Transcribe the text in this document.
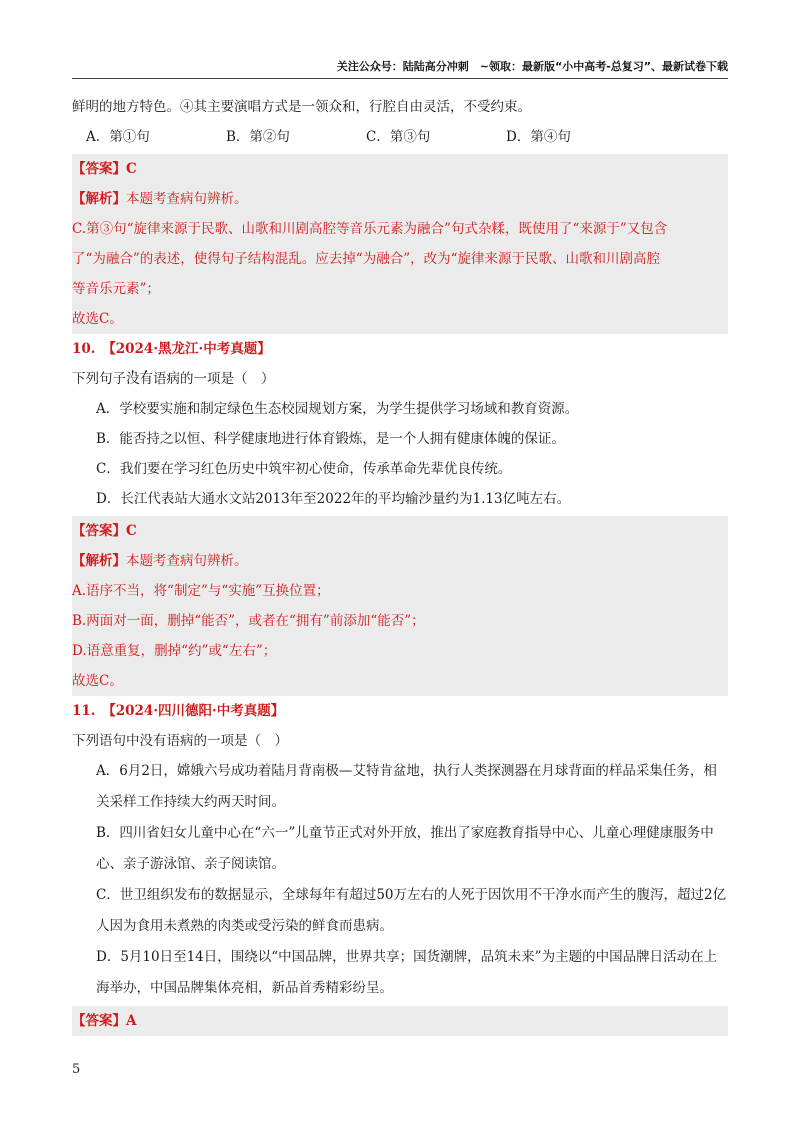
关注公众号：陆陆高分冲刺　~领取：最新版“小中高考-总复习”、最新试卷下载
鲜明的地方特色。④其主要演唱方式是一领众和，行腔自由灵活，不受约束。
A．第①句	B．第②句	C．第③句	D．第④句
【答案】C
【解析】本题考查病句辨析。
C.第③句“旋律来源于民歌、山歌和川剧高腔等音乐元素为融合”句式杂糅，既使用了“来源于”又包含
了“为融合”的表述，使得句子结构混乱。应去掉“为融合”，改为“旋律来源于民歌、山歌和川剧高腔
等音乐元素”；
故选C。
10.　 【2024·黑龙江·中考真题】
下列句子没有语病的一项是（　）
A．学校要实施和制定绿色生态校园规划方案，为学生提供学习场域和教育资源。
B．能否持之以恒、科学健康地进行体育锻炼，是一个人拥有健康体魄的保证。
C．我们要在学习红色历史中筑牢初心使命，传承革命先辈优良传统。
D．长江代表站大通水文站2013年至2022年的平均输沙量约为1.13亿吨左右。
【答案】C
【解析】本题考查病句辨析。
A.语序不当，将“制定”与“实施”互换位置；
B.两面对一面，删掉“能否”，或者在“拥有”前添加“能否”；
D.语意重复，删掉“约”或“左右”；
故选C。
11.　 【2024·四川德阳·中考真题】
下列语句中没有语病的一项是（　）
A．6月2日，嫦娥六号成功着陆月背南极—艾特肯盆地，执行人类探测器在月球背面的样品采集任务，相关采样工作持续大约两天时间。
B．四川省妇女儿童中心在“六一”儿童节正式对外开放，推出了家庭教育指导中心、儿童心理健康服务中心、亲子游泳馆、亲子阅读馆。
C．世卫组织发布的数据显示，全球每年有超过50万左右的人死于因饮用不干净水而产生的腹泻，超过2亿人因为食用未煮熟的肉类或受污染的鲜食而患病。
D．5月10日至14日，围绕以“中国品牌，世界共享；国货潮牌，品筑未来”为主题的中国品牌日活动在上海举办，中国品牌集体亮相，新品首秀精彩纷呈。
【答案】A
5
